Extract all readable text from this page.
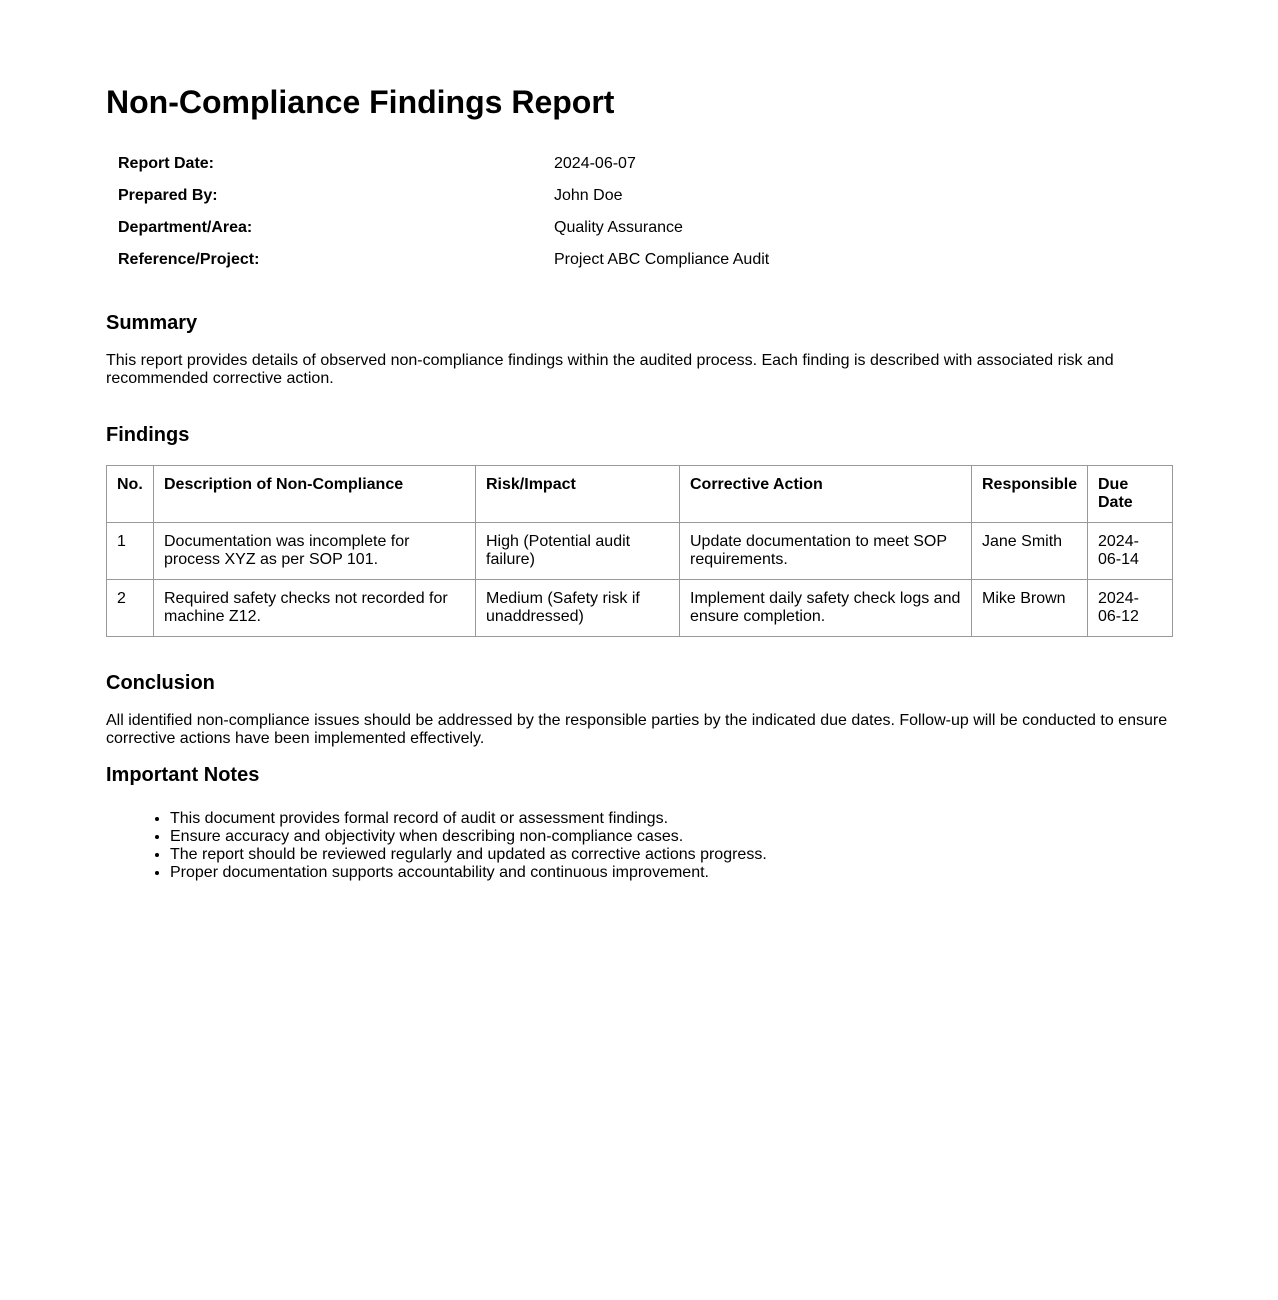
Non-Compliance Findings Report
Report Date:	2024-06-07
Prepared By:	John Doe
Department/Area:	Quality Assurance
Reference/Project:	Project ABC Compliance Audit
Summary

This report provides details of observed non-compliance findings within the audited process. Each finding is described with associated risk and recommended corrective action.

Findings
No.	Description of Non-Compliance	Risk/Impact	Corrective Action	Responsible	Due Date
1	Documentation was incomplete for process XYZ as per SOP 101.	High (Potential audit failure)	Update documentation to meet SOP requirements.	Jane Smith	2024-06-14
2	Required safety checks not recorded for machine Z12.	Medium (Safety risk if unaddressed)	Implement daily safety check logs and ensure completion.	Mike Brown	2024-06-12
Conclusion

All identified non-compliance issues should be addressed by the responsible parties by the indicated due dates. Follow-up will be conducted to ensure corrective actions have been implemented effectively.

Important Notes
• This document provides formal record of audit or assessment findings.
• Ensure accuracy and objectivity when describing non-compliance cases.
• The report should be reviewed regularly and updated as corrective actions progress.
• Proper documentation supports accountability and continuous improvement.
